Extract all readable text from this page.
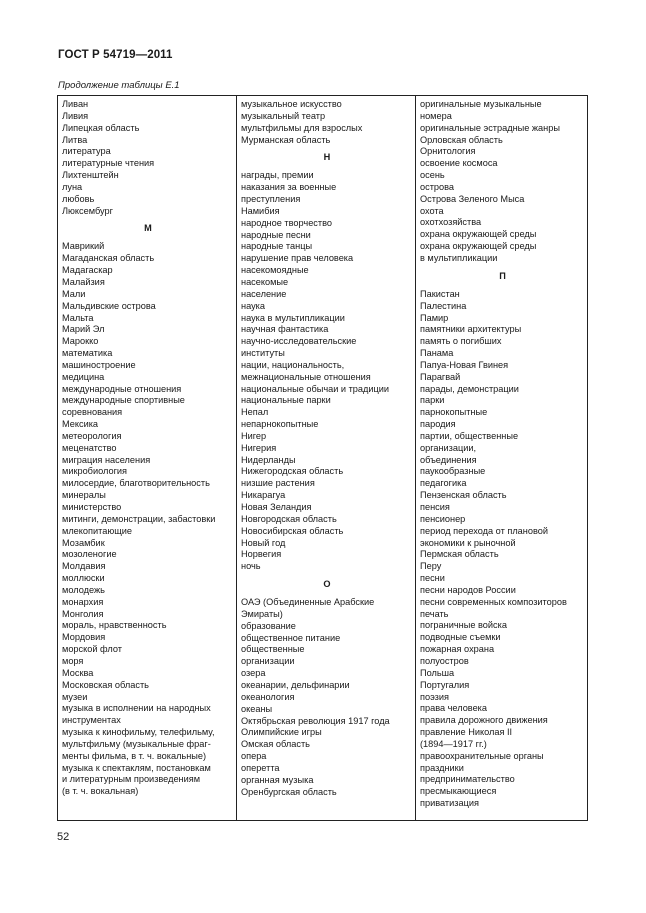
ГОСТ Р 54719—2011
Продолжение таблицы Е.1
Ливан
Ливия
Липецкая область
Литва
литература
литературные чтения
Лихтенштейн
луна
любовь
Люксембург
М
Маврикий
Магаданская область
Мадагаскар
Малайзия
Мали
Мальдивские острова
Мальта
Марий Эл
Марокко
математика
машиностроение
медицина
международные отношения
международные спортивные
соревнования
Мексика
метеорология
меценатство
миграция населения
микробиология
милосердие, благотворительность
минералы
министерство
митинги, демонстрации, забастовки
млекопитающие
Мозамбик
мозоленогие
Молдавия
моллюски
молодежь
монархия
Монголия
мораль, нравственность
Мордовия
морской флот
моря
Москва
Московская область
музеи
музыка в исполнении на народных
инструментах
музыка к кинофильму, телефильму,
мультфильму (музыкальные фраг-
менты фильма, в т. ч. вокальные)
музыка к спектаклям, постановкам
и литературным произведениям
(в т. ч. вокальная)
музыкальное искусство
музыкальный театр
мультфильмы для взрослых
Мурманская область
Н
награды, премии
наказания за военные
преступления
Намибия
народное творчество
народные песни
народные танцы
нарушение прав человека
насекомоядные
насекомые
население
наука
наука в мультипликации
научная фантастика
научно-исследовательские
институты
нации, национальность,
межнациональные отношения
национальные обычаи и традиции
национальные парки
Непал
непарнокопытные
Нигер
Нигерия
Нидерланды
Нижегородская область
низшие растения
Никарагуа
Новая Зеландия
Новгородская область
Новосибирская область
Новый год
Норвегия
ночь
О
ОАЭ (Объединенные Арабские
Эмираты)
образование
общественное питание
общественные
организации
озера
океанарии, дельфинарии
океанология
океаны
Октябрьская революция 1917 года
Олимпийские игры
Омская область
опера
оперетта
органная музыка
Оренбургская область
оригинальные музыкальные
номера
оригинальные эстрадные жанры
Орловская область
Орнитология
освоение космоса
осень
острова
Острова Зеленого Мыса
охота
охотхозяйства
охрана окружающей среды
охрана окружающей среды
в мультипликации
П
Пакистан
Палестина
Памир
памятники архитектуры
память о погибших
Панама
Папуа-Новая Гвинея
Парагвай
парады, демонстрации
парки
парнокопытные
пародия
партии, общественные
организации,
объединения
паукообразные
педагогика
Пензенская область
пенсия
пенсионер
период перехода от плановой
экономики к рыночной
Пермская область
Перу
песни
песни народов России
песни современных композиторов
печать
пограничные войска
подводные съемки
пожарная охрана
полуостров
Польша
Португалия
поэзия
права человека
правила дорожного движения
правление Николая II
(1894—1917 гг.)
правоохранительные органы
праздники
предпринимательство
пресмыкающиеся
приватизация
52
